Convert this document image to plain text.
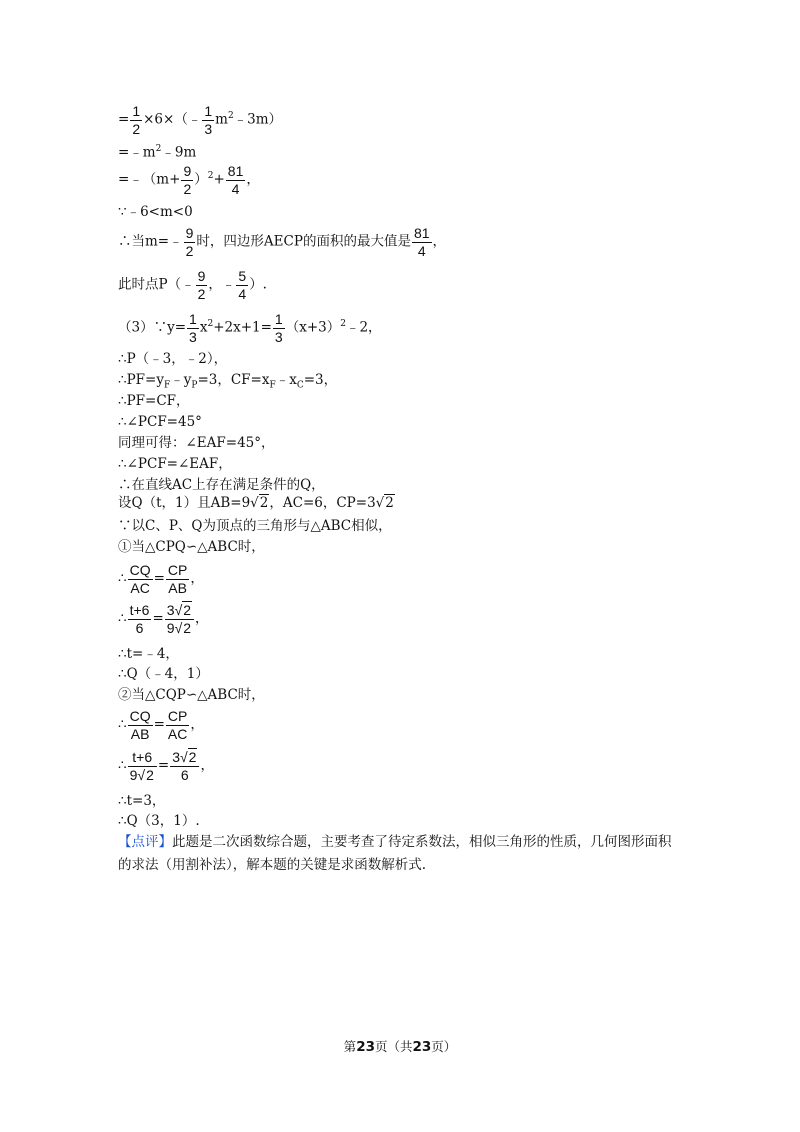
= $\frac{1}{2}$ ×6×（﹣ $\frac{1}{3}$ $m^2﹣3m$）
$=﹣m^2﹣9m$
=﹣（m+ $\frac{9}{2} )^2+ \frac{81}{4}$ ，
∵﹣6<m<0
∴当m=﹣ $\frac{9}{2}$ 时，四边形AECP的面积的最大值是 $\frac{81}{4}$ ，
此时点P（﹣ $\frac{9}{2}$ ，﹣ $\frac{5}{4}$ ）.
（3）∵y= $\frac{1}{3} x^2+2x+1= \frac{1}{3}$ $(x+3)^2﹣2$，
∴P（﹣3，﹣2），
$\therefore PF=y_F﹣y_P=3$，$CF=x_F﹣x_C=3$，
∴PF=CF，
∴∠PCF=45°
同理可得：∠EAF=45°，
∴∠PCF=∠EAF，
∴在直线AC上存在满足条件的Q，
设Q（t，1）且AB=9√2，AC=6，CP=3√2
∵以C、P、Q为顶点的三角形与△ABC相似，
①当△CPQ∽△ABC时，
∴ $\frac{CQ}{AC} = \frac{CP}{AB}$ ，
∴ $\frac{t+6}{6} = \frac{3√2}{9√2}$ ，
∴t=﹣4，
∴Q（﹣4，1）
②当△CQP∽△ABC时，
∴ $\frac{CQ}{AB} = \frac{CP}{AC}$ ，
∴ $\frac{t+6}{9√2} = \frac{3√2}{6}$ ，
∴t=3，
∴Q（3，1）.
【点评】此题是二次函数综合题，主要考查了待定系数法，相似三角形的性质，几何图形面积
的求法（用割补法），解本题的关键是求函数解析式.
第23页（共23页）
